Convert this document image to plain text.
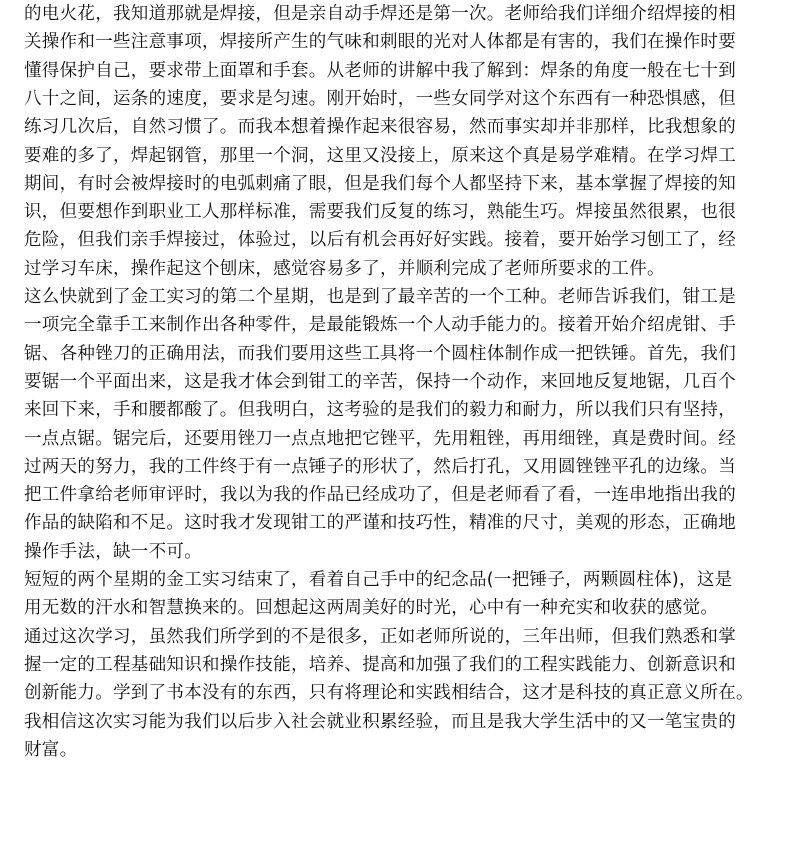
的电火花，我知道那就是焊接，但是亲自动手焊还是第一次。老师给我们详细介绍焊接的相
关操作和一些注意事项，焊接所产生的气味和刺眼的光对人体都是有害的，我们在操作时要
懂得保护自己，要求带上面罩和手套。从老师的讲解中我了解到：焊条的角度一般在七十到
八十之间，运条的速度，要求是匀速。刚开始时，一些女同学对这个东西有一种恐惧感，但
练习几次后，自然习惯了。而我本想着操作起来很容易，然而事实却并非那样，比我想象的
要难的多了，焊起钢管，那里一个洞，这里又没接上，原来这个真是易学难精。在学习焊工
期间，有时会被焊接时的电弧刺痛了眼，但是我们每个人都坚持下来，基本掌握了焊接的知
识，但要想作到职业工人那样标准，需要我们反复的练习，熟能生巧。焊接虽然很累，也很
危险，但我们亲手焊接过，体验过，以后有机会再好好实践。接着，要开始学习刨工了，经
过学习车床，操作起这个刨床，感觉容易多了，并顺利完成了老师所要求的工件。
这么快就到了金工实习的第二个星期，也是到了最辛苦的一个工种。老师告诉我们，钳工是
一项完全靠手工来制作出各种零件，是最能锻炼一个人动手能力的。接着开始介绍虎钳、手
锯、各种锉刀的正确用法，而我们要用这些工具将一个圆柱体制作成一把铁锤。首先，我们
要锯一个平面出来，这是我才体会到钳工的辛苦，保持一个动作，来回地反复地锯，几百个
来回下来，手和腰都酸了。但我明白，这考验的是我们的毅力和耐力，所以我们只有坚持，
一点点锯。锯完后，还要用锉刀一点点地把它锉平，先用粗锉，再用细锉，真是费时间。经
过两天的努力，我的工件终于有一点锤子的形状了，然后打孔，又用圆锉锉平孔的边缘。当
把工件拿给老师审评时，我以为我的作品已经成功了，但是老师看了看，一连串地指出我的
作品的缺陷和不足。这时我才发现钳工的严谨和技巧性，精准的尺寸，美观的形态，正确地
操作手法，缺一不可。
短短的两个星期的金工实习结束了，看着自己手中的纪念品(一把锤子，两颗圆柱体)，这是
用无数的汗水和智慧换来的。回想起这两周美好的时光，心中有一种充实和收获的感觉。
通过这次学习，虽然我们所学到的不是很多，正如老师所说的，三年出师，但我们熟悉和掌
握一定的工程基础知识和操作技能，培养、提高和加强了我们的工程实践能力、创新意识和
创新能力。学到了书本没有的东西，只有将理论和实践相结合，这才是科技的真正意义所在。
我相信这次实习能为我们以后步入社会就业积累经验，而且是我大学生活中的又一笔宝贵的
财富。
